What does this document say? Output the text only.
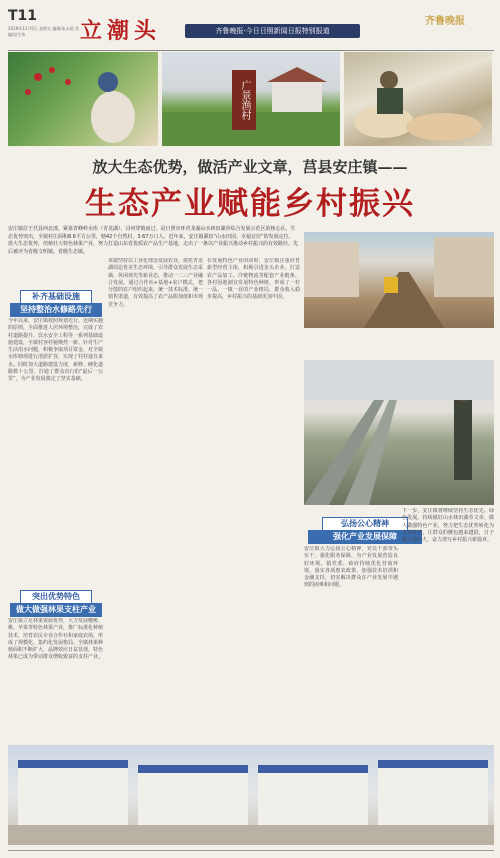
T11
2019年11月5日 星期五 编辑/朱永超 美编/赵艾伟	立潮头	齐鲁晚报·今日日照新闻日报特别报道
齐鲁晚报
广景渔村
放大生态优势，做活产业文章，莒县安庄镇——
生态产业赋能乡村振兴
安庄镇位于莒县西北部，紧靠青峰岭水库（青龙湖），浔河穿镇而过，是日照市环青龙湖山水林田湖草综合发展示范区的核心区。生态优势突出，全镇村庄面积8.6平方公里，辖42个自然村，3.67万口人。近年来，安庄镇紧扣“山水田园、幸福宜居”的发展定位，放大生态优势，培植壮大特色林果产业，努力打造山东省优质农产品生产基地，走出了一条以产业振兴推动乡村振兴的有效路径。先后被评为省级文明镇、省级生态镇。
补齐基础设施
坚持整治水修路先行
今年以来，安庄镇按照规划先行、近期实施的原则，全面推进人居环境整治，完成了农村道路提升、饮水安全工程等一系列基础设施建设，全镇村容村貌焕然一新。针对生产生活用水问题，积极争取项目资金，对全镇水库塘坝进行清淤扩容，实现了村村通自来水。同时加大道路建设力度，新修、硬化道路数十公里，打通了群众出行的“最后一公里”，为产业发展奠定了坚实基础。
突出优势特色
做大做强林果支柱产业
安庄镇立足林果资源优势，大力发展樱桃、桃、苹果等特色林果产业，推广标准化种植技术，培育农民专业合作社和家庭农场，形成了规模化、集约化发展格局。全镇林果种植面积不断扩大，品牌效应日益显现，特色林果已成为带动群众增收致富的支柱产业。
该镇坚持以工业化理念发展农业，依托青龙湖周边优美生态环境，引导群众发展生态采摘、休闲观光等新业态，推动一二三产业融合发展。通过合作社+基地+农户模式，把分散的农户组织起来，统一技术标准，统一销售渠道，有效提高了农产品附加值和市场竞争力。
在发展特色产业的同时，安庄镇注重培育新型经营主体，积极引进龙头企业，打造农产品加工、冷链物流等配套产业链条。各村因地制宜发展特色种植，形成了一村一品、一镇一业的产业格局，群众收入稳步提高，乡村振兴的基础更加牢固。
弘扬公心精神
强化产业发展保障
安庄镇大力弘扬公心精神，党员干部带头实干，强化服务保障，为产业发展营造良好环境。镇党委、政府持续优化营商环境，落实各项惠农政策，加强技术培训和金融支持，切实解决群众在产业发展中遇到的困难和问题。
下一步，安庄镇将继续坚持生态优先、绿色发展，持续做好山水林田湖草文章，做大做强特色产业，努力把生态优势转化为发展优势，让群众的腰包越来越鼓，日子越过越红火，奋力谱写乡村振兴新篇章。
